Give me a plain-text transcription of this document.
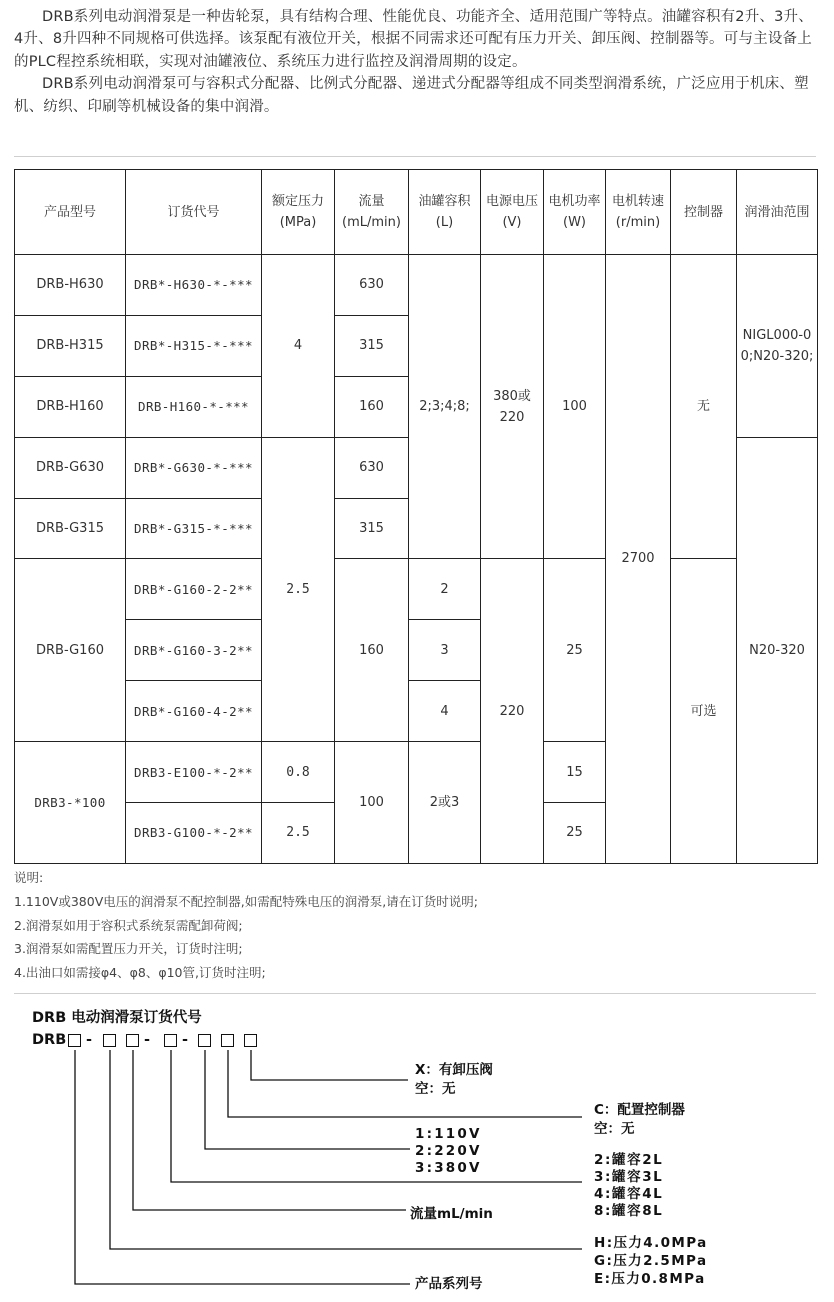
DRB系列电动润滑泵是一种齿轮泵，具有结构合理、性能优良、功能齐全、适用范围广等特点。油罐容积有2升、3升、4升、8升四种不同规格可供选择。该泵配有液位开关，根据不同需求还可配有压力开关、卸压阀、控制器等。可与主设备上的PLC程控系统相联，实现对油罐液位、系统压力进行监控及润滑周期的设定。

DRB系列电动润滑泵可与容积式分配器、比例式分配器、递进式分配器等组成不同类型润滑系统，广泛应用于机床、塑机、纺织、印刷等机械设备的集中润滑。

产品型号	订货代号	额定压力(MPa)	流量(mL/min)	油罐容积(L)	电源电压(V)	电机功率(W)	电机转速(r/min)	控制器	润滑油范围
DRB-H630	DRB*-H630-*-***	4	630	2;3;4;8;	380或220	100	2700	无	NIGL000-00;N20-320;
DRB-H315	DRB*-H315-*-***		315						
DRB-H160	DRB-H160-*-***		160						
DRB-G630	DRB*-G630-*-***	2.5	630						N20-320
DRB-G315	DRB*-G315-*-***		315						
DRB-G160	DRB*-G160-2-2**		160	2	220	25		可选	
	DRB*-G160-3-2**			3					
	DRB*-G160-4-2**			4					
DRB3-*100	DRB3-E100-*-2**	0.8	100	2或3		15			
	DRB3-G100-*-2**	2.5				25			
说明:
1.110V或380V电压的润滑泵不配控制器,如需配特殊电压的润滑泵,请在订货时说明;
2.润滑泵如用于容积式系统泵需配卸荷阀;
3.润滑泵如需配置压力开关，订货时注明;
4.出油口如需接φ4、φ8、φ10管,订货时注明;
DRB 电动润滑泵订货代号
DRB -	- -
X：有卸压阀
空：无
C：配置控制器
空：无
1:110V
2:220V
3:380V	2:罐容2L
3:罐容3L
4:罐容4L
8:罐容8L
流量mL/min
H:压力4.0MPa
G:压力2.5MPa
E:压力0.8MPa
产品系列号
